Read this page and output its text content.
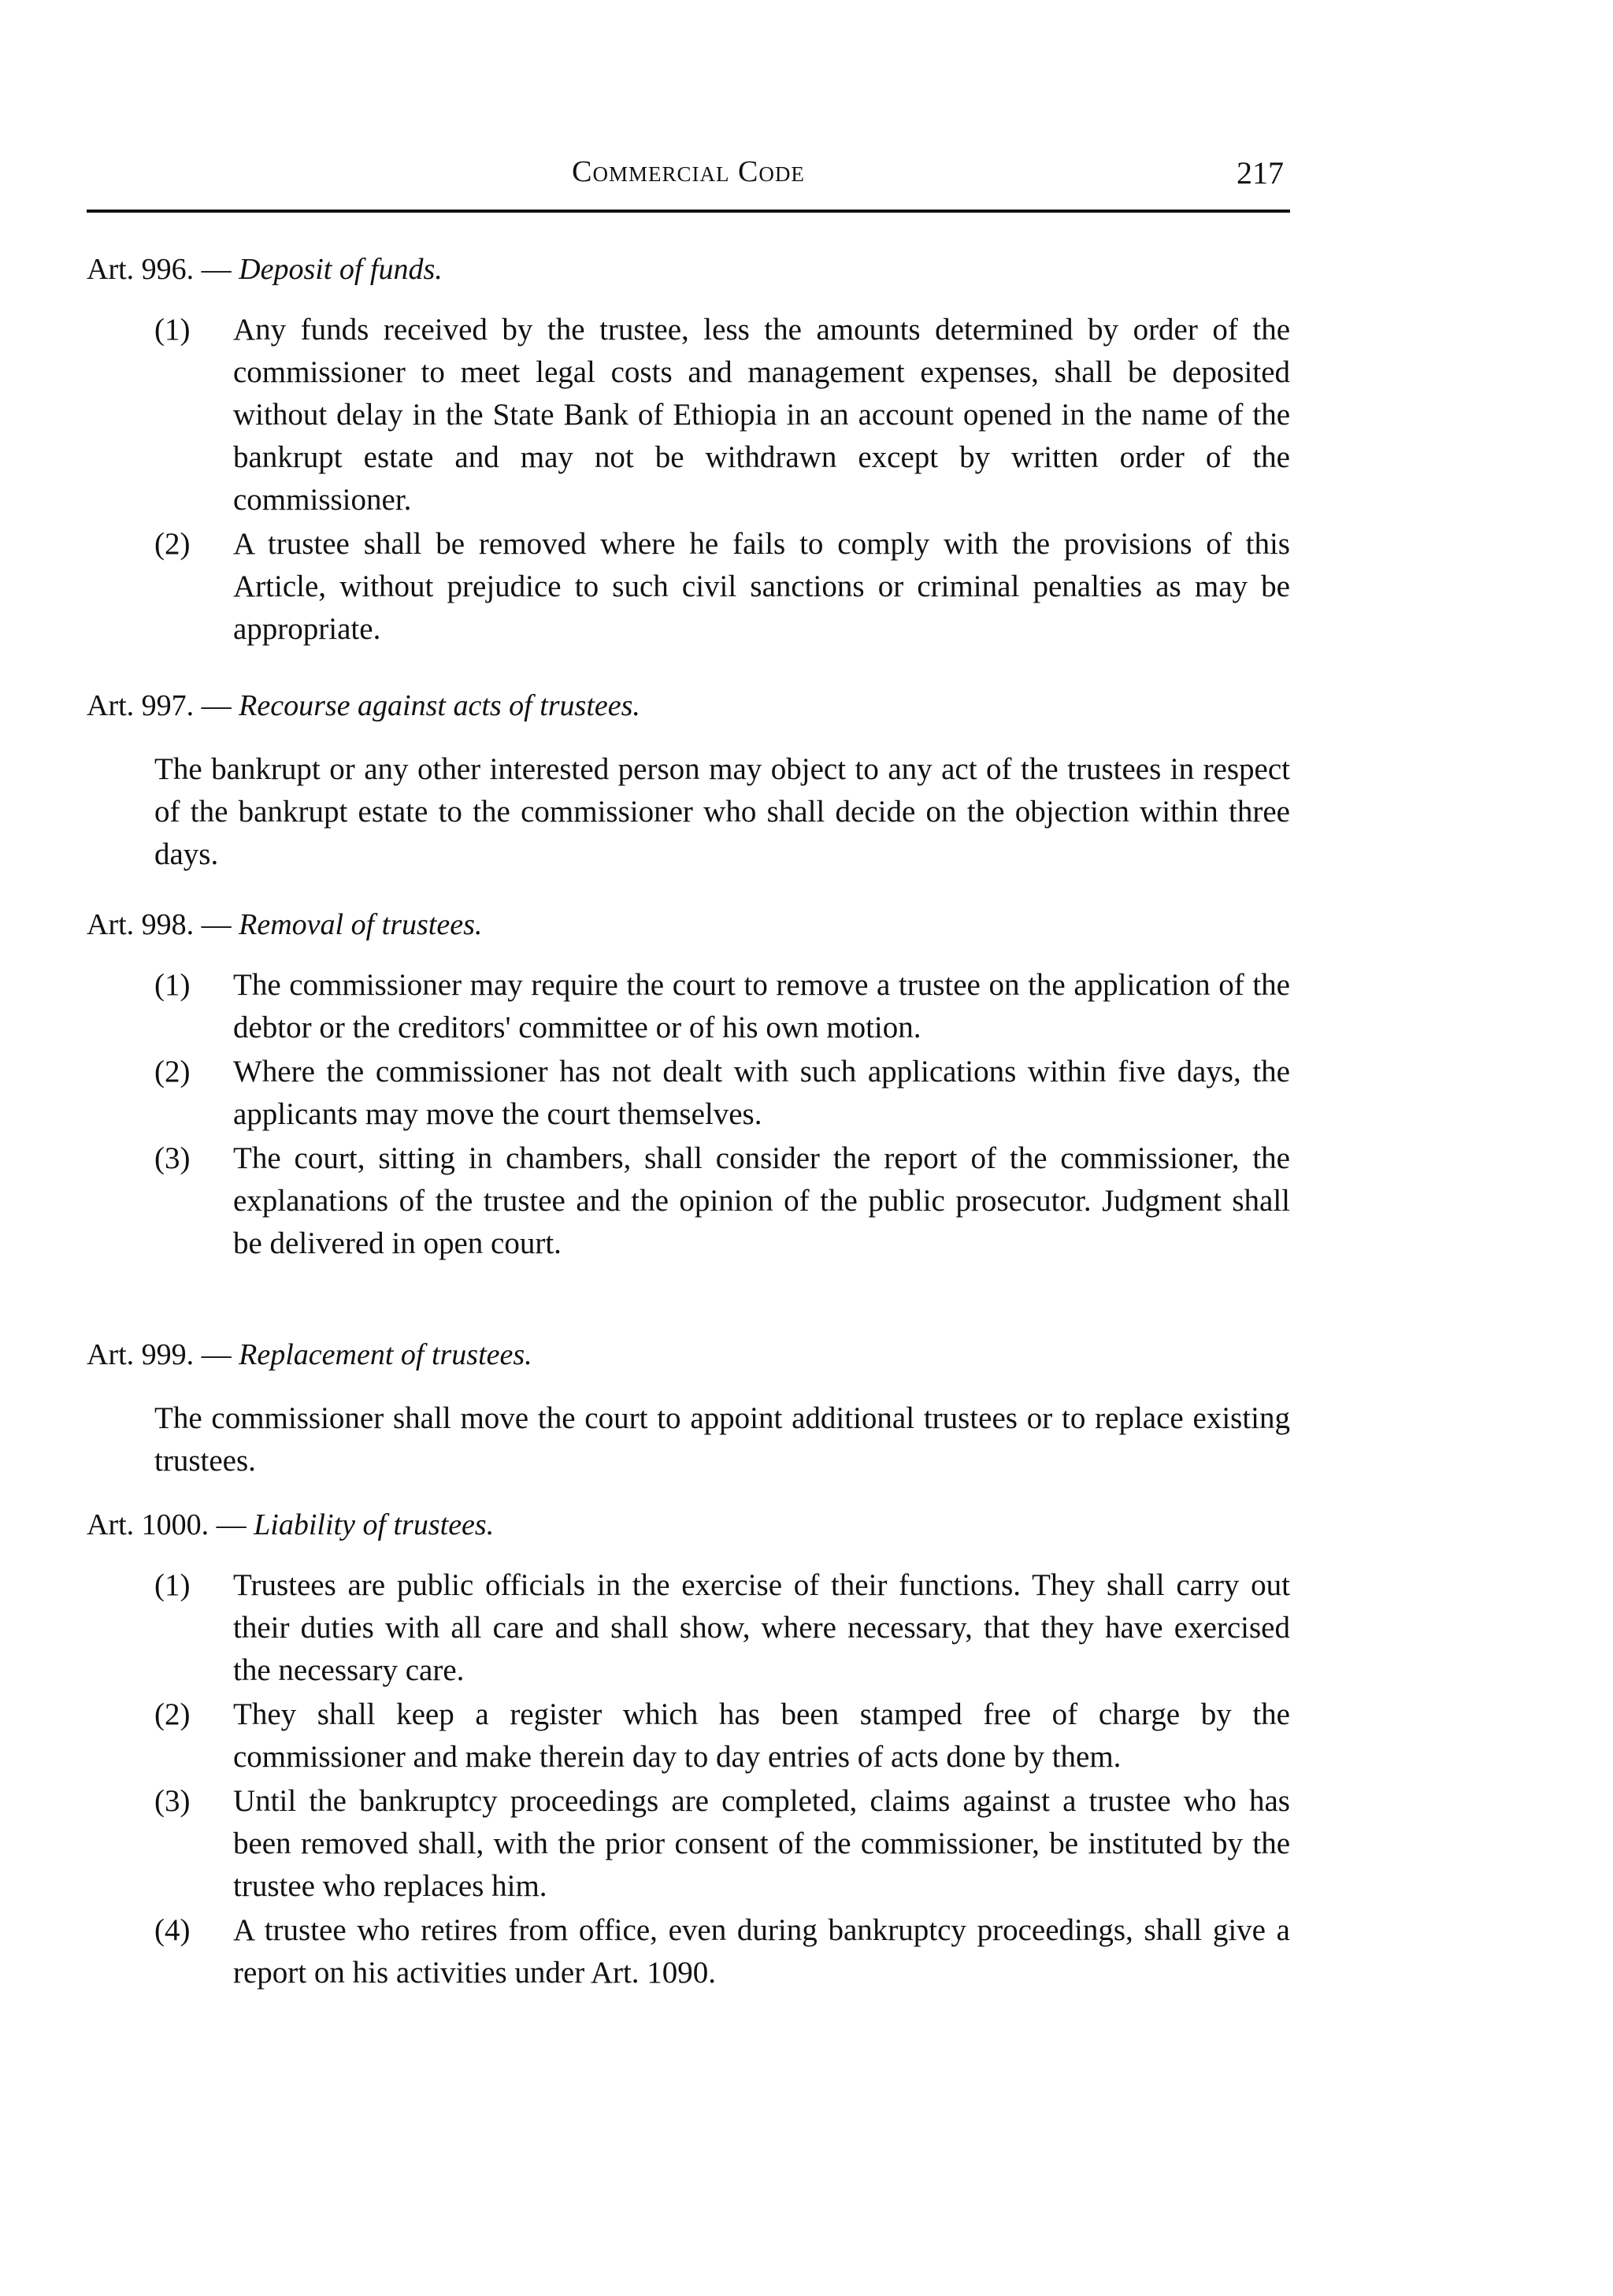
Commercial Code	217
Art. 996. — Deposit of funds.
(1) Any funds received by the trustee, less the amounts determined by order of the commissioner to meet legal costs and management expenses, shall be deposited without delay in the State Bank of Ethiopia in an account opened in the name of the bankrupt estate and may not be withdrawn except by written order of the commissioner.
(2) A trustee shall be removed where he fails to comply with the provisions of this Article, without prejudice to such civil sanctions or criminal penalties as may be appropriate.
Art. 997. — Recourse against acts of trustees.
The bankrupt or any other interested person may object to any act of the trustees in respect of the bankrupt estate to the commissioner who shall decide on the objection within three days.
Art. 998. — Removal of trustees.
(1) The commissioner may require the court to remove a trustee on the application of the debtor or the creditors' committee or of his own motion.
(2) Where the commissioner has not dealt with such applications within five days, the applicants may move the court themselves.
(3) The court, sitting in chambers, shall consider the report of the commissioner, the explanations of the trustee and the opinion of the public prosecutor. Judgment shall be delivered in open court.
Art. 999. — Replacement of trustees.
The commissioner shall move the court to appoint additional trustees or to replace existing trustees.
Art. 1000. — Liability of trustees.
(1) Trustees are public officials in the exercise of their functions. They shall carry out their duties with all care and shall show, where necessary, that they have exercised the necessary care.
(2) They shall keep a register which has been stamped free of charge by the commissioner and make therein day to day entries of acts done by them.
(3) Until the bankruptcy proceedings are completed, claims against a trustee who has been removed shall, with the prior consent of the commissioner, be instituted by the trustee who replaces him.
(4) A trustee who retires from office, even during bankruptcy proceedings, shall give a report on his activities under Art. 1090.
